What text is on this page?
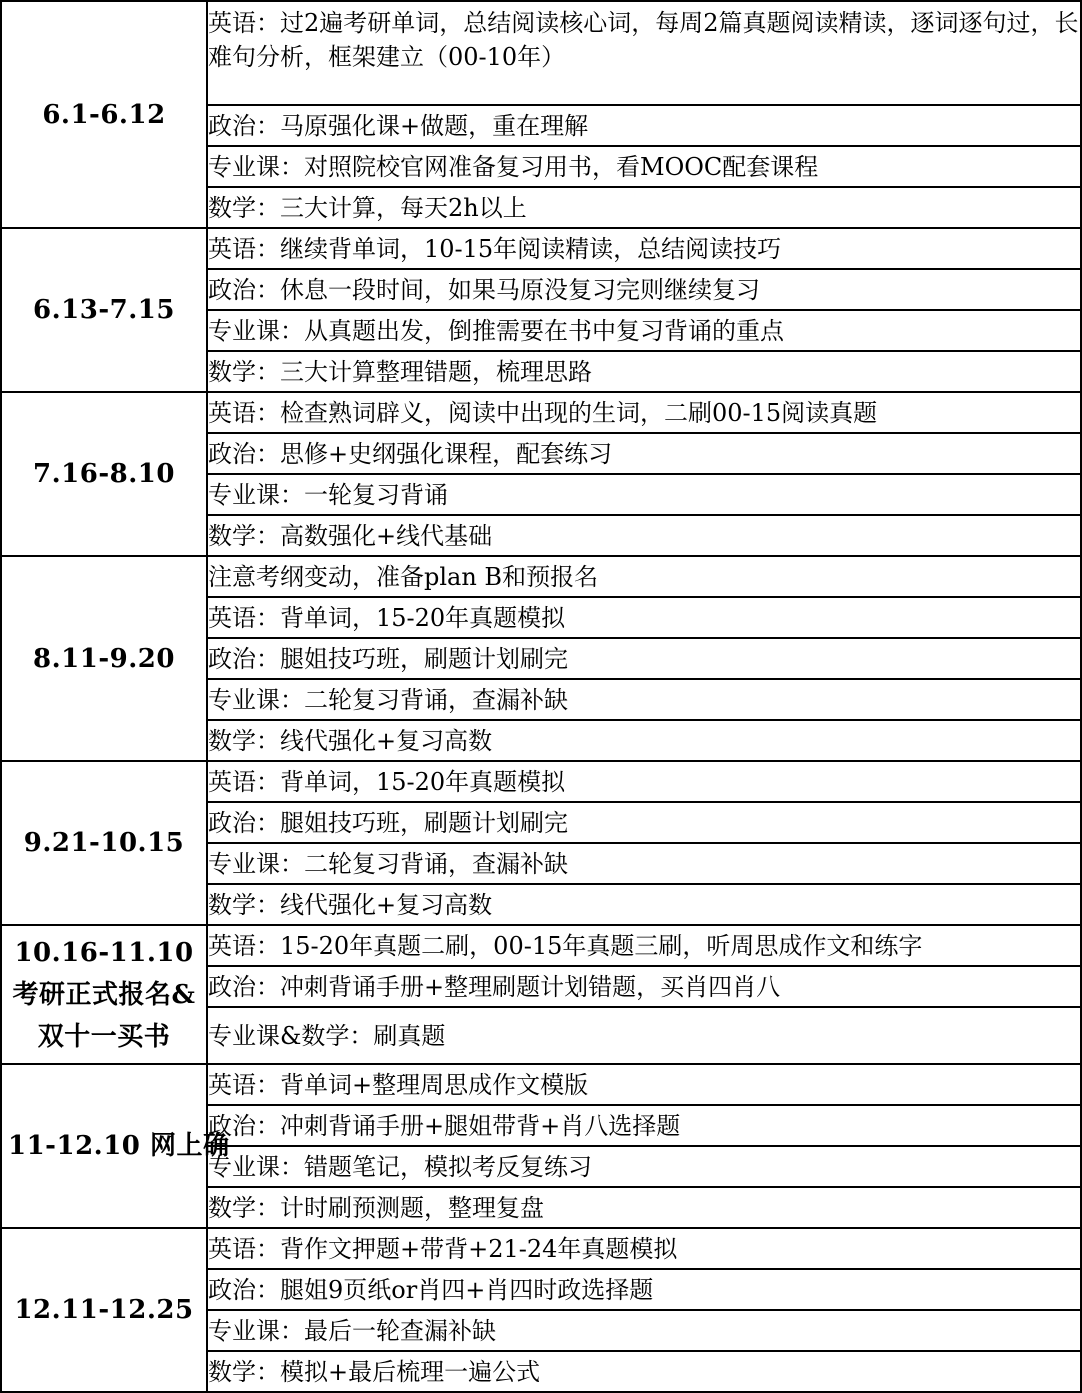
6.1-6.12	英语：过2遍考研单词，总结阅读核心词，每周2篇真题阅读精读，逐词逐句过，长难句分析，框架建立（00-10年）
	政治：马原强化课+做题，重在理解
	专业课：对照院校官网准备复习用书，看MOOC配套课程
	数学：三大计算，每天2h以上
6.13-7.15	英语：继续背单词，10-15年阅读精读，总结阅读技巧
	政治：休息一段时间，如果马原没复习完则继续复习
	专业课：从真题出发，倒推需要在书中复习背诵的重点
	数学：三大计算整理错题，梳理思路
7.16-8.10	英语：检查熟词辟义，阅读中出现的生词，二刷00-15阅读真题
	政治：思修+史纲强化课程，配套练习
	专业课：一轮复习背诵
	数学：高数强化+线代基础
8.11-9.20	注意考纲变动，准备plan B和预报名
	英语：背单词，15-20年真题模拟
	政治：腿姐技巧班，刷题计划刷完
	专业课：二轮复习背诵，查漏补缺
	数学：线代强化+复习高数
9.21-10.15	英语：背单词，15-20年真题模拟
	政治：腿姐技巧班，刷题计划刷完
	专业课：二轮复习背诵，查漏补缺
	数学：线代强化+复习高数
10.16-11.10考研正式报名&双十一买书	英语：15-20年真题二刷，00-15年真题三刷，听周思成作文和练字
	政治：冲刺背诵手册+整理刷题计划错题，买肖四肖八
	专业课&数学：刷真题
11-12.10 网上确	英语：背单词+整理周思成作文模版
	政治：冲刺背诵手册+腿姐带背+肖八选择题
	专业课：错题笔记，模拟考反复练习
	数学：计时刷预测题，整理复盘
12.11-12.25	英语：背作文押题+带背+21-24年真题模拟
	政治：腿姐9页纸or肖四+肖四时政选择题
	专业课：最后一轮查漏补缺
	数学：模拟+最后梳理一遍公式
